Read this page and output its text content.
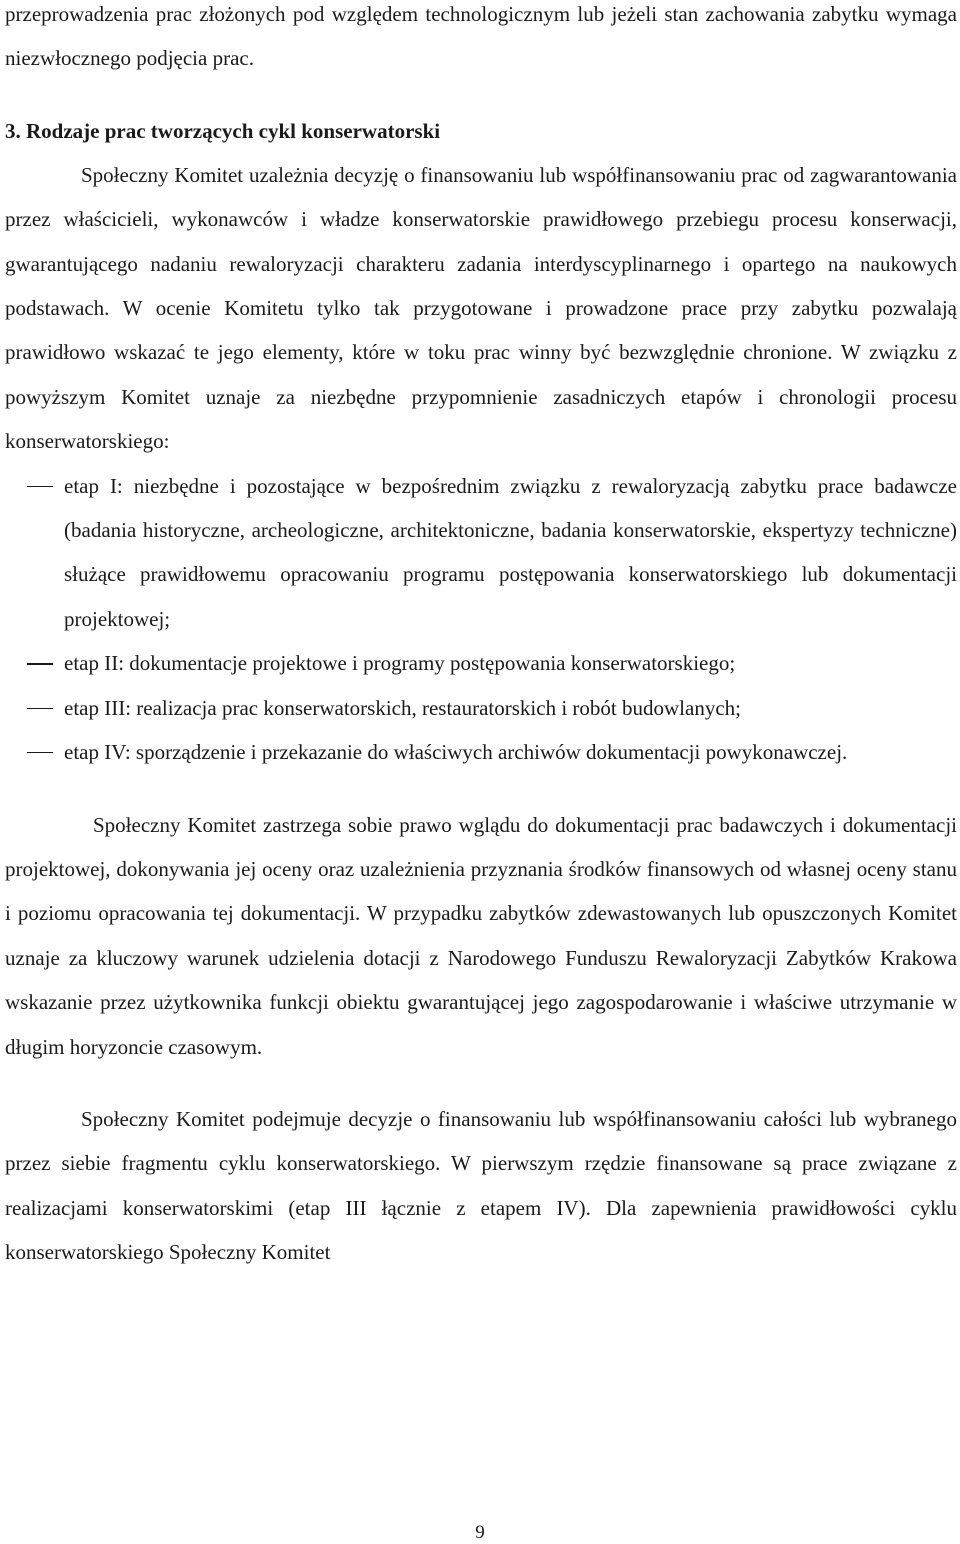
przeprowadzenia prac złożonych pod względem technologicznym lub jeżeli stan zachowania zabytku wymaga niezwłocznego podjęcia prac.

3. Rodzaje prac tworzących cykl konserwatorski

Społeczny Komitet uzależnia decyzję o finansowaniu lub współfinansowaniu prac od zagwarantowania przez właścicieli, wykonawców i władze konserwatorskie prawidłowego przebiegu procesu konserwacji, gwarantującego nadaniu rewaloryzacji charakteru zadania interdyscyplinarnego i opartego na naukowych podstawach. W ocenie Komitetu tylko tak przygotowane i prowadzone prace przy zabytku pozwalają prawidłowo wskazać te jego elementy, które w toku prac winny być bezwzględnie chronione. W związku z powyższym Komitet uznaje za niezbędne przypomnienie zasadniczych etapów i chronologii procesu konserwatorskiego:

etap I: niezbędne i pozostające w bezpośrednim związku z rewaloryzacją zabytku prace badawcze (badania historyczne, archeologiczne, architektoniczne, badania konserwatorskie, ekspertyzy techniczne) służące prawidłowemu opracowaniu programu postępowania konserwatorskiego lub dokumentacji projektowej;
etap II: dokumentacje projektowe i programy postępowania konserwatorskiego;
etap III: realizacja prac konserwatorskich, restauratorskich i robót budowlanych;
etap IV: sporządzenie i przekazanie do właściwych archiwów dokumentacji powykonawczej.

Społeczny Komitet zastrzega sobie prawo wglądu do dokumentacji prac badawczych i dokumentacji projektowej, dokonywania jej oceny oraz uzależnienia przyznania środków finansowych od własnej oceny stanu i poziomu opracowania tej dokumentacji. W przypadku zabytków zdewastowanych lub opuszczonych Komitet uznaje za kluczowy warunek udzielenia dotacji z Narodowego Funduszu Rewaloryzacji Zabytków Krakowa wskazanie przez użytkownika funkcji obiektu gwarantującej jego zagospodarowanie i właściwe utrzymanie w długim horyzoncie czasowym.

Społeczny Komitet podejmuje decyzje o finansowaniu lub współfinansowaniu całości lub wybranego przez siebie fragmentu cyklu konserwatorskiego. W pierwszym rzędzie finansowane są prace związane z realizacjami konserwatorskimi (etap III łącznie z etapem IV). Dla zapewnienia prawidłowości cyklu konserwatorskiego Społeczny Komitet

9
